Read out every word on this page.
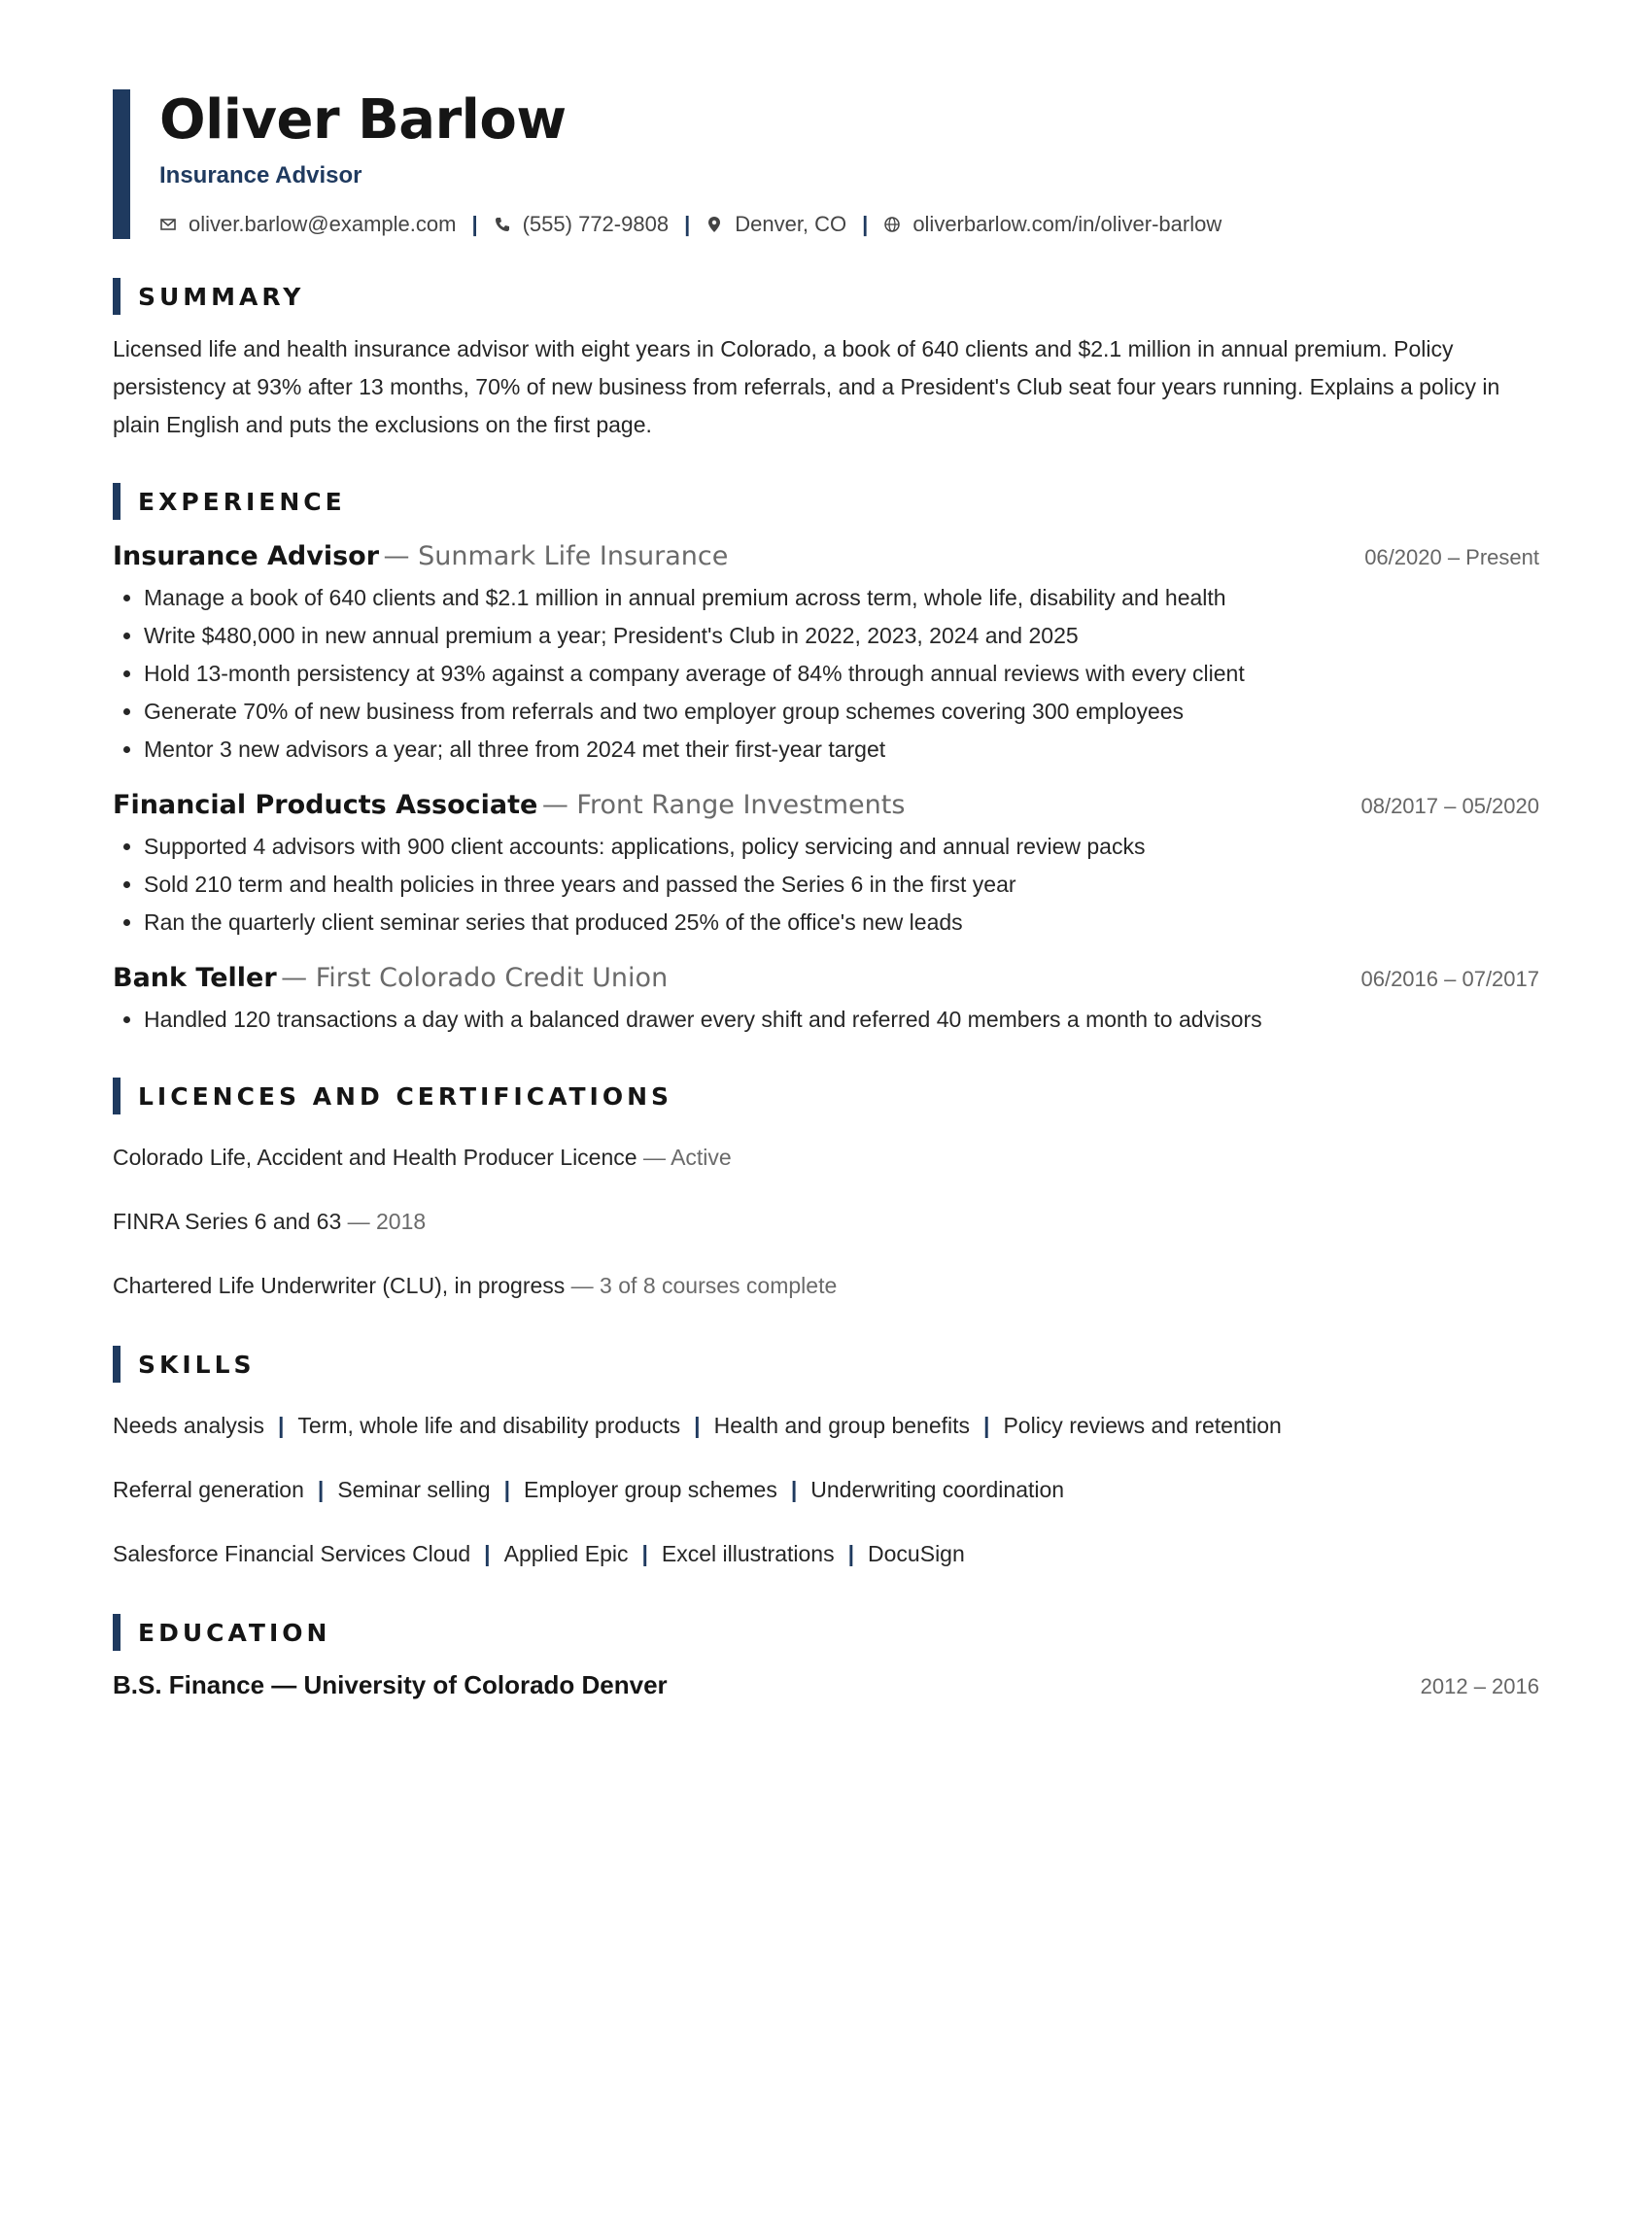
Oliver Barlow
Insurance Advisor
oliver.barlow@example.com | (555) 772-9808 | Denver, CO | oliverbarlow.com/in/oliver-barlow
SUMMARY
Licensed life and health insurance advisor with eight years in Colorado, a book of 640 clients and $2.1 million in annual premium. Policy persistency at 93% after 13 months, 70% of new business from referrals, and a President's Club seat four years running. Explains a policy in plain English and puts the exclusions on the first page.
EXPERIENCE
Insurance Advisor — Sunmark Life Insurance	06/2020 – Present
• Manage a book of 640 clients and $2.1 million in annual premium across term, whole life, disability and health
• Write $480,000 in new annual premium a year; President's Club in 2022, 2023, 2024 and 2025
• Hold 13-month persistency at 93% against a company average of 84% through annual reviews with every client
• Generate 70% of new business from referrals and two employer group schemes covering 300 employees
• Mentor 3 new advisors a year; all three from 2024 met their first-year target
Financial Products Associate — Front Range Investments	08/2017 – 05/2020
• Supported 4 advisors with 900 client accounts: applications, policy servicing and annual review packs
• Sold 210 term and health policies in three years and passed the Series 6 in the first year
• Ran the quarterly client seminar series that produced 25% of the office's new leads
Bank Teller — First Colorado Credit Union	06/2016 – 07/2017
• Handled 120 transactions a day with a balanced drawer every shift and referred 40 members a month to advisors
LICENCES AND CERTIFICATIONS
Colorado Life, Accident and Health Producer Licence — Active
FINRA Series 6 and 63 — 2018
Chartered Life Underwriter (CLU), in progress — 3 of 8 courses complete
SKILLS
Needs analysis | Term, whole life and disability products | Health and group benefits | Policy reviews and retention
Referral generation | Seminar selling | Employer group schemes | Underwriting coordination
Salesforce Financial Services Cloud | Applied Epic | Excel illustrations | DocuSign
EDUCATION
B.S. Finance — University of Colorado Denver	2012 – 2016
